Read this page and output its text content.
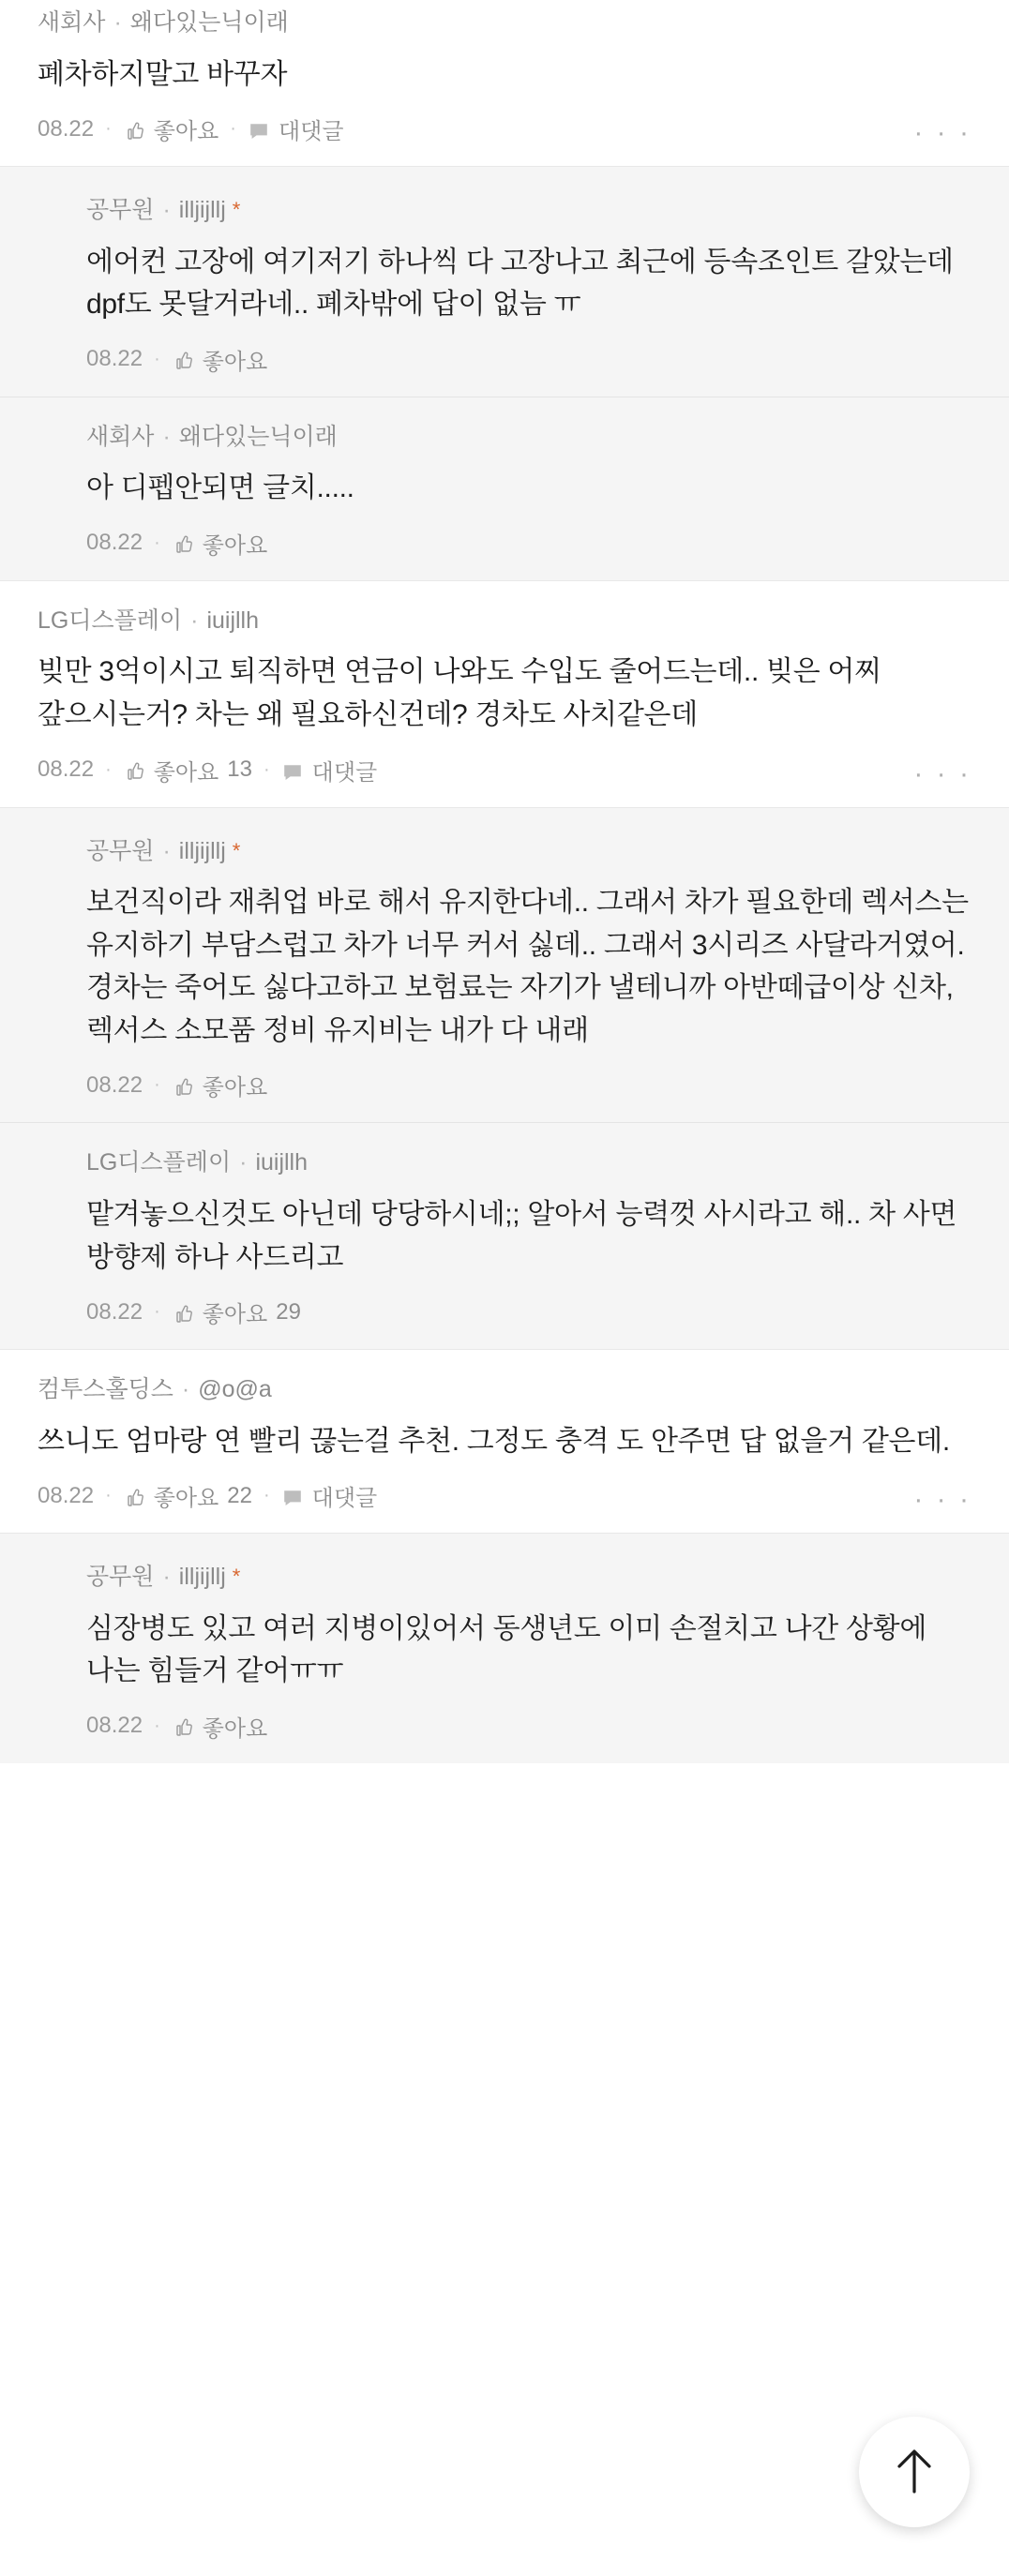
새회사 · 왜다있는닉이래
폐차하지말고 바꾸자
08.22 · 좋아요 · 대댓글	· · ·
공무원 · illjijllj *
에어컨 고장에 여기저기 하나씩 다 고장나고 최근에 등속조인트 갈았는데 dpf도 못달거라네.. 폐차밖에 답이 없늠 ㅠ
08.22 · 좋아요
새회사 · 왜다있는닉이래
아 디펩안되면 글치.....
08.22 · 좋아요
LG디스플레이 · iuijllh
빚만 3억이시고 퇴직하면 연금이 나와도 수입도 줄어드는데.. 빚은 어찌 갚으시는거? 차는 왜 필요하신건데? 경차도 사치같은데
08.22 · 좋아요 13 · 대댓글	· · ·
공무원 · illjijllj *
보건직이라 재취업 바로 해서 유지한다네.. 그래서 차가 필요한데 렉서스는 유지하기 부담스럽고 차가 너무 커서 싫데.. 그래서 3시리즈 사달라거였어. 경차는 죽어도 싫다고하고 보험료는 자기가 낼테니까 아반떼급이상 신차, 렉서스 소모품 정비 유지비는 내가 다 내래
08.22 · 좋아요
LG디스플레이 · iuijllh
맡겨놓으신것도 아닌데 당당하시네;; 알아서 능력껏 사시라고 해.. 차 사면 방향제 하나 사드리고
08.22 · 좋아요 29
컴투스홀딩스 · @o@a
쓰니도 엄마랑 연 빨리 끊는걸 추천. 그정도 충격 도 안주면 답 없을거 같은데.
08.22 · 좋아요 22 · 대댓글	· · ·
공무원 · illjijllj *
심장병도 있고 여러 지병이있어서 동생년도 이미 손절치고 나간 상황에 나는 힘들거 같어ㅠㅠ
08.22 · 좋아요
